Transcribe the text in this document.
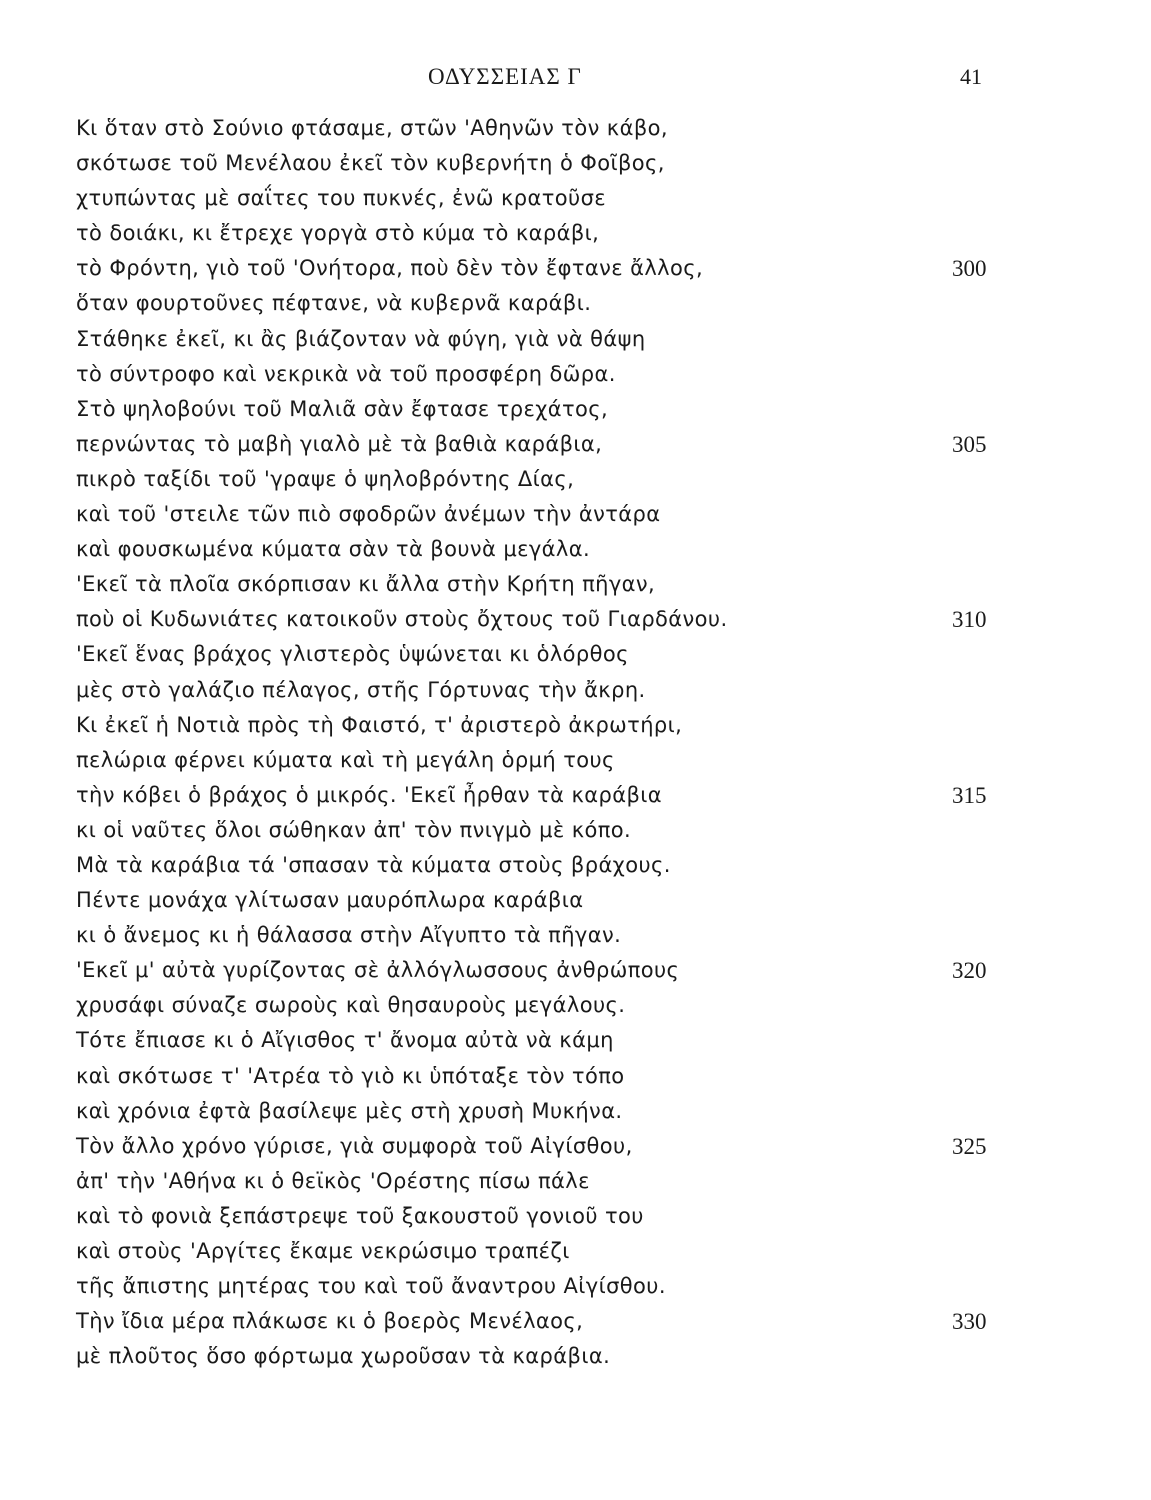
ΟΔΥΣΣΕΙΑΣ Γ	41
Κι ὅταν στὸ Σούνιο φτάσαμε, στῶν 'Αθηνῶν τὸν κάβο,
σκότωσε τοῦ Μενέλαου ἐκεῖ τὸν κυβερνήτη ὁ Φοῖβος,
χτυπώντας μὲ σαΐτες του πυκνές, ἐνῶ κρατοῦσε
τὸ δοιάκι, κι ἔτρεχε γοργὰ στὸ κύμα τὸ καράβι,
τὸ Φρόντη, γιὸ τοῦ 'Ονήτορα, ποὺ δὲν τὸν ἔφτανε ἄλλος,	300
ὅταν φουρτοῦνες πέφτανε, νὰ κυβερνᾶ καράβι.
Στάθηκε ἐκεῖ, κι ἂς βιάζονταν νὰ φύγη, γιὰ νὰ θάψη
τὸ σύντροφο καὶ νεκρικὰ νὰ τοῦ προσφέρη δῶρα.
Στὸ ψηλοβούνι τοῦ Μαλιᾶ σὰν ἔφτασε τρεχάτος,
περνώντας τὸ μαβὴ γιαλὸ μὲ τὰ βαθιὰ καράβια,	305
πικρὸ ταξίδι τοῦ 'γραψε ὁ ψηλοβρόντης Δίας,
καὶ τοῦ 'στειλε τῶν πιὸ σφοδρῶν ἀνέμων τὴν ἀντάρα
καὶ φουσκωμένα κύματα σὰν τὰ βουνὰ μεγάλα.
'Εκεῖ τὰ πλοῖα σκόρπισαν κι ἄλλα στὴν Κρήτη πῆγαν,
ποὺ οἱ Κυδωνιάτες κατοικοῦν στοὺς ὄχτους τοῦ Γιαρδάνου.	310
'Εκεῖ ἕνας βράχος γλιστερὸς ὑψώνεται κι ὁλόρθος
μὲς στὸ γαλάζιο πέλαγος, στῆς Γόρτυνας τὴν ἄκρη.
Κι ἐκεῖ ἡ Νοτιὰ πρὸς τὴ Φαιστό, τ' ἀριστερὸ ἀκρωτήρι,
πελώρια φέρνει κύματα καὶ τὴ μεγάλη ὁρμή τους
τὴν κόβει ὁ βράχος ὁ μικρός. 'Εκεῖ ἦρθαν τὰ καράβια	315
κι οἱ ναῦτες ὅλοι σώθηκαν ἀπ' τὸν πνιγμὸ μὲ κόπο.
Μὰ τὰ καράβια τά 'σπασαν τὰ κύματα στοὺς βράχους.
Πέντε μονάχα γλίτωσαν μαυρόπλωρα καράβια
κι ὁ ἄνεμος κι ἡ θάλασσα στὴν Αἴγυπτο τὰ πῆγαν.
'Εκεῖ μ' αὐτὰ γυρίζοντας σὲ ἀλλόγλωσσους ἀνθρώπους	320
χρυσάφι σύναζε σωροὺς καὶ θησαυροὺς μεγάλους.
Τότε ἔπιασε κι ὁ Αἴγισθος τ' ἄνομα αὐτὰ νὰ κάμη
καὶ σκότωσε τ' 'Ατρέα τὸ γιὸ κι ὑπόταξε τὸν τόπο
καὶ χρόνια ἐφτὰ βασίλεψε μὲς στὴ χρυσὴ Μυκήνα.
Τὸν ἄλλο χρόνο γύρισε, γιὰ συμφορὰ τοῦ Αἰγίσθου,	325
ἀπ' τὴν 'Αθήνα κι ὁ θεϊκὸς 'Ορέστης πίσω πάλε
καὶ τὸ φονιὰ ξεπάστρεψε τοῦ ξακουστοῦ γονιοῦ του
καὶ στοὺς 'Αργίτες ἔκαμε νεκρώσιμο τραπέζι
τῆς ἄπιστης μητέρας του καὶ τοῦ ἄναντρου Αἰγίσθου.
Τὴν ἴδια μέρα πλάκωσε κι ὁ βοερὸς Μενέλαος,	330
μὲ πλοῦτος ὅσο φόρτωμα χωροῦσαν τὰ καράβια.
